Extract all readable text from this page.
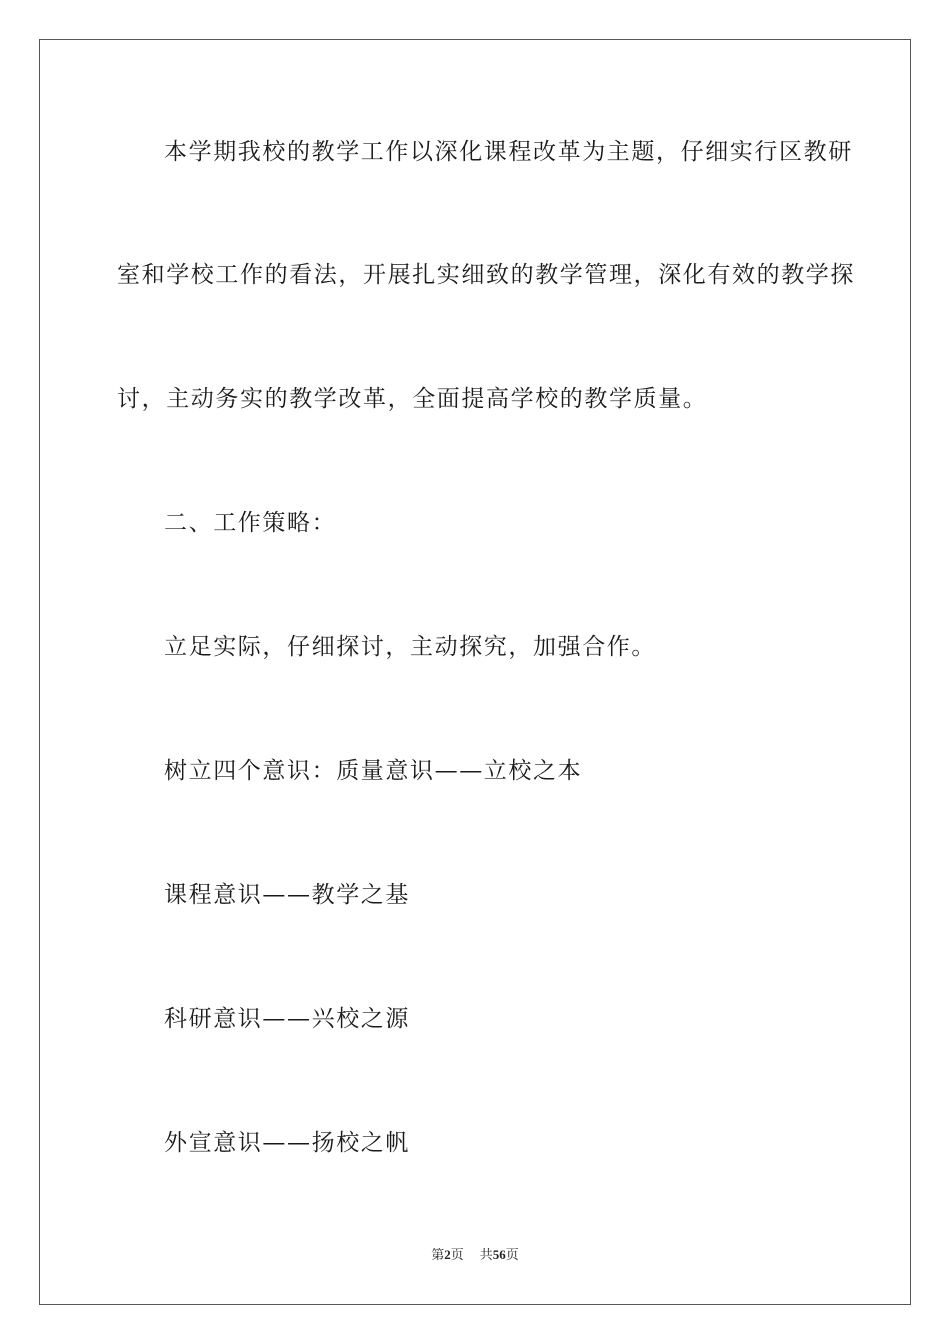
本学期我校的教学工作以深化课程改革为主题，仔细实行区教研
室和学校工作的看法，开展扎实细致的教学管理，深化有效的教学探
讨，主动务实的教学改革，全面提高学校的教学质量。
二、工作策略：
立足实际，仔细探讨，主动探究，加强合作。
树立四个意识：质量意识——立校之本
课程意识——教学之基
科研意识——兴校之源
外宣意识——扬校之帆
第2页 共56页
